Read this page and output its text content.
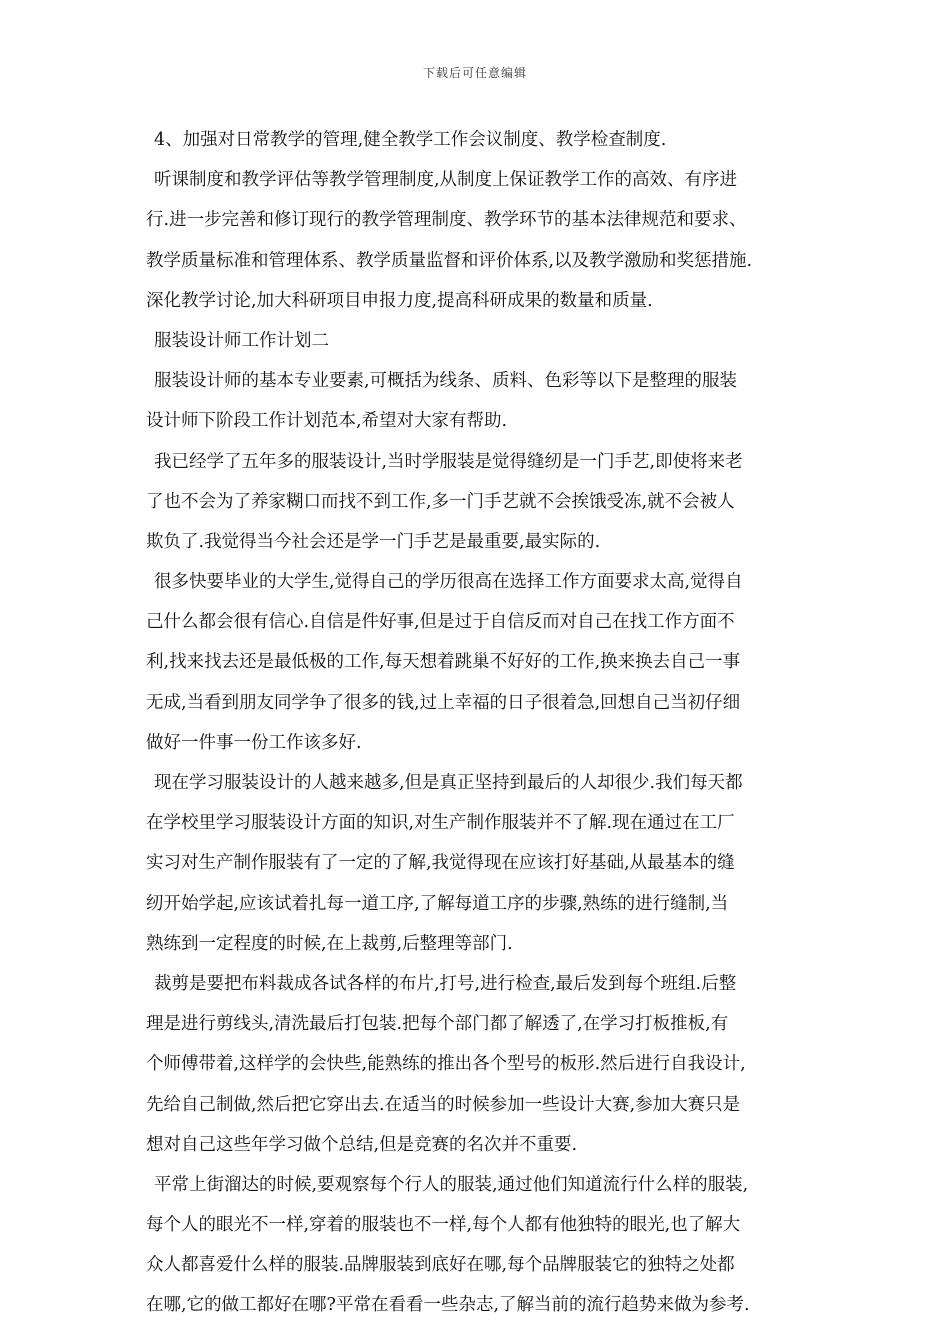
下载后可任意编辑
4、加强对日常教学的管理,健全教学工作会议制度、教学检查制度.
听课制度和教学评估等教学管理制度,从制度上保证教学工作的高效、有序进
行.进一步完善和修订现行的教学管理制度、教学环节的基本法律规范和要求、
教学质量标准和管理体系、教学质量监督和评价体系,以及教学激励和奖惩措施.
深化教学讨论,加大科研项目申报力度,提高科研成果的数量和质量.
服装设计师工作计划二
服装设计师的基本专业要素,可概括为线条、质料、色彩等以下是整理的服装
设计师下阶段工作计划范本,希望对大家有帮助.
我已经学了五年多的服装设计,当时学服装是觉得缝纫是一门手艺,即使将来老
了也不会为了养家糊口而找不到工作,多一门手艺就不会挨饿受冻,就不会被人
欺负了.我觉得当今社会还是学一门手艺是最重要,最实际的.
很多快要毕业的大学生,觉得自己的学历很高在选择工作方面要求太高,觉得自
己什么都会很有信心.自信是件好事,但是过于自信反而对自己在找工作方面不
利,找来找去还是最低极的工作,每天想着跳巢不好好的工作,换来换去自己一事
无成,当看到朋友同学争了很多的钱,过上幸福的日子很着急,回想自己当初仔细
做好一件事一份工作该多好.
现在学习服装设计的人越来越多,但是真正坚持到最后的人却很少.我们每天都
在学校里学习服装设计方面的知识,对生产制作服装并不了解.现在通过在工厂
实习对生产制作服装有了一定的了解,我觉得现在应该打好基础,从最基本的缝
纫开始学起,应该试着扎每一道工序,了解每道工序的步骤,熟练的进行缝制,当
熟练到一定程度的时候,在上裁剪,后整理等部门.
裁剪是要把布料裁成各试各样的布片,打号,进行检查,最后发到每个班组.后整
理是进行剪线头,清洗最后打包装.把每个部门都了解透了,在学习打板推板,有
个师傅带着,这样学的会快些,能熟练的推出各个型号的板形.然后进行自我设计,
先给自己制做,然后把它穿出去.在适当的时候参加一些设计大赛,参加大赛只是
想对自己这些年学习做个总结,但是竞赛的名次并不重要.
平常上街溜达的时候,要观察每个行人的服装,通过他们知道流行什么样的服装,
每个人的眼光不一样,穿着的服装也不一样,每个人都有他独特的眼光,也了解大
众人都喜爱什么样的服装.品牌服装到底好在哪,每个品牌服装它的独特之处都
在哪,它的做工都好在哪?平常在看看一些杂志,了解当前的流行趋势来做为参考.
